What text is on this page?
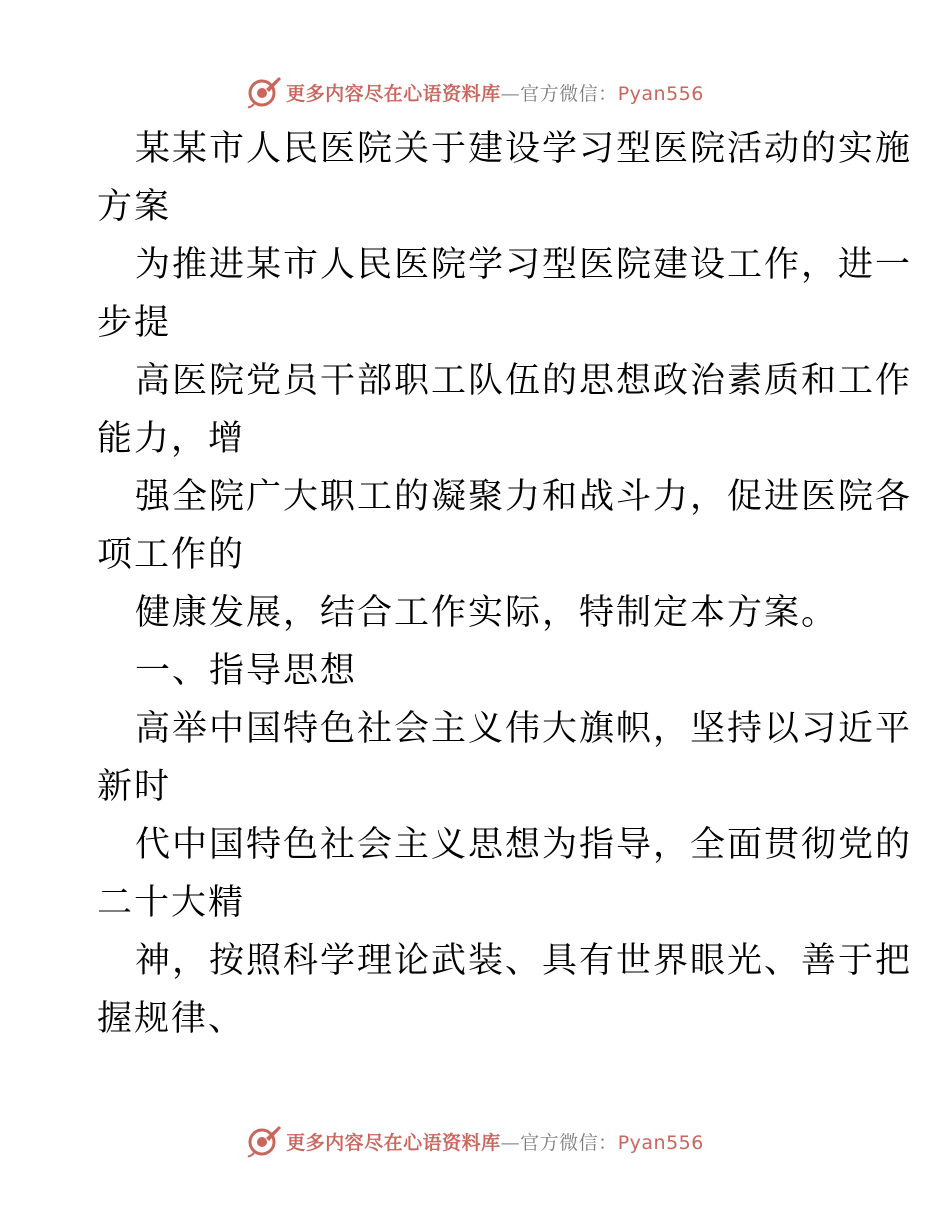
更多内容尽在心语资料库—官方微信：Pyan556
某某市人民医院关于建设学习型医院活动的实施
方案
为推进某市人民医院学习型医院建设工作，进一
步提
高医院党员干部职工队伍的思想政治素质和工作
能力，增
强全院广大职工的凝聚力和战斗力，促进医院各
项工作的
健康发展，结合工作实际，特制定本方案。
一、指导思想
高举中国特色社会主义伟大旗帜，坚持以习近平
新时
代中国特色社会主义思想为指导，全面贯彻党的
二十大精
神，按照科学理论武装、具有世界眼光、善于把
握规律、
更多内容尽在心语资料库—官方微信：Pyan556
